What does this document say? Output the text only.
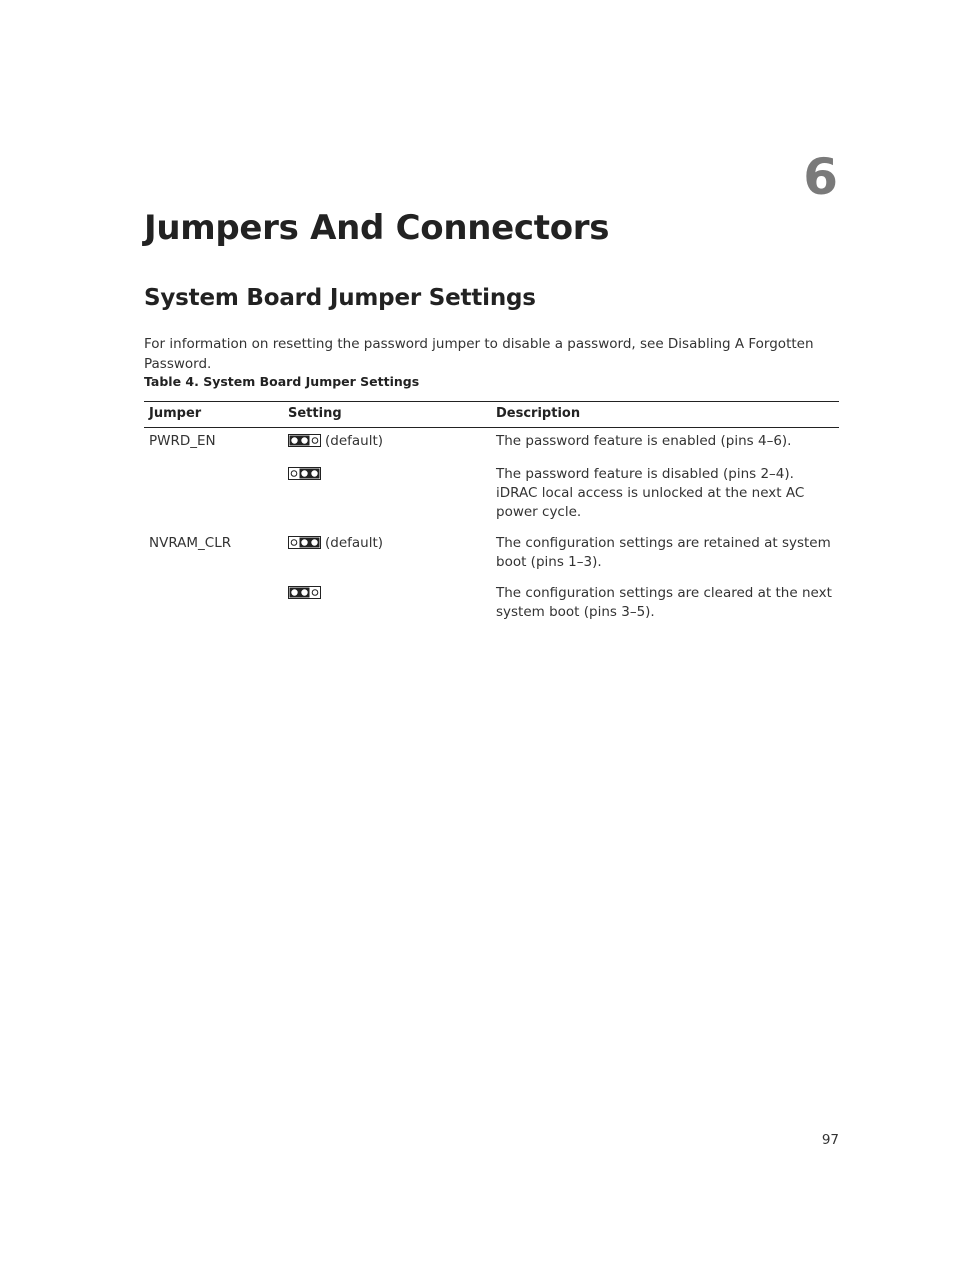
6
Jumpers And Connectors
System Board Jumper Settings

For information on resetting the password jumper to disable a password, see Disabling A Forgotten Password.

Table 4. System Board Jumper Settings

Jumper	Setting	Description
PWRD_EN	(default)	The password feature is enabled (pins 4–6).
		The password feature is disabled (pins 2–4). iDRAC local access is unlocked at the next AC power cycle.
NVRAM_CLR	(default)	The configuration settings are retained at system boot (pins 1–3).
		The configuration settings are cleared at the next system boot (pins 3–5).
97
